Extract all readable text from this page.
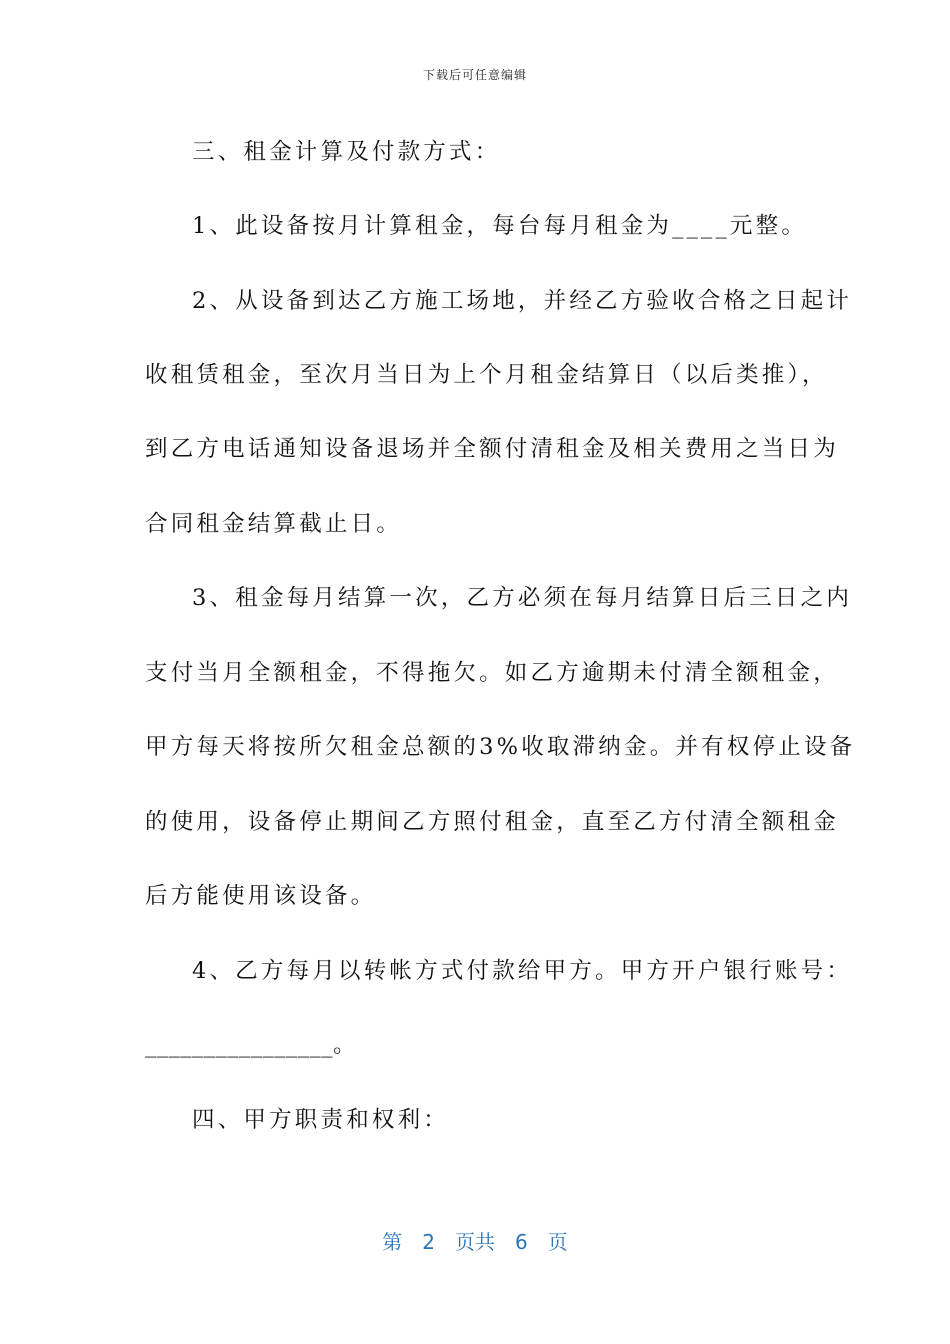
下载后可任意编辑
三、租金计算及付款方式：
1、此设备按月计算租金，每台每月租金为____元整。
2、从设备到达乙方施工场地，并经乙方验收合格之日起计
收租赁租金，至次月当日为上个月租金结算日（以后类推），
到乙方电话通知设备退场并全额付清租金及相关费用之当日为
合同租金结算截止日。
3、租金每月结算一次，乙方必须在每月结算日后三日之内
支付当月全额租金，不得拖欠。如乙方逾期未付清全额租金，
甲方每天将按所欠租金总额的3%收取滞纳金。并有权停止设备
的使用，设备停止期间乙方照付租金，直至乙方付清全额租金
后方能使用该设备。
4、乙方每月以转帐方式付款给甲方。甲方开户银行账号：
________________。
四、甲方职责和权利：
第 2 页共 6 页
